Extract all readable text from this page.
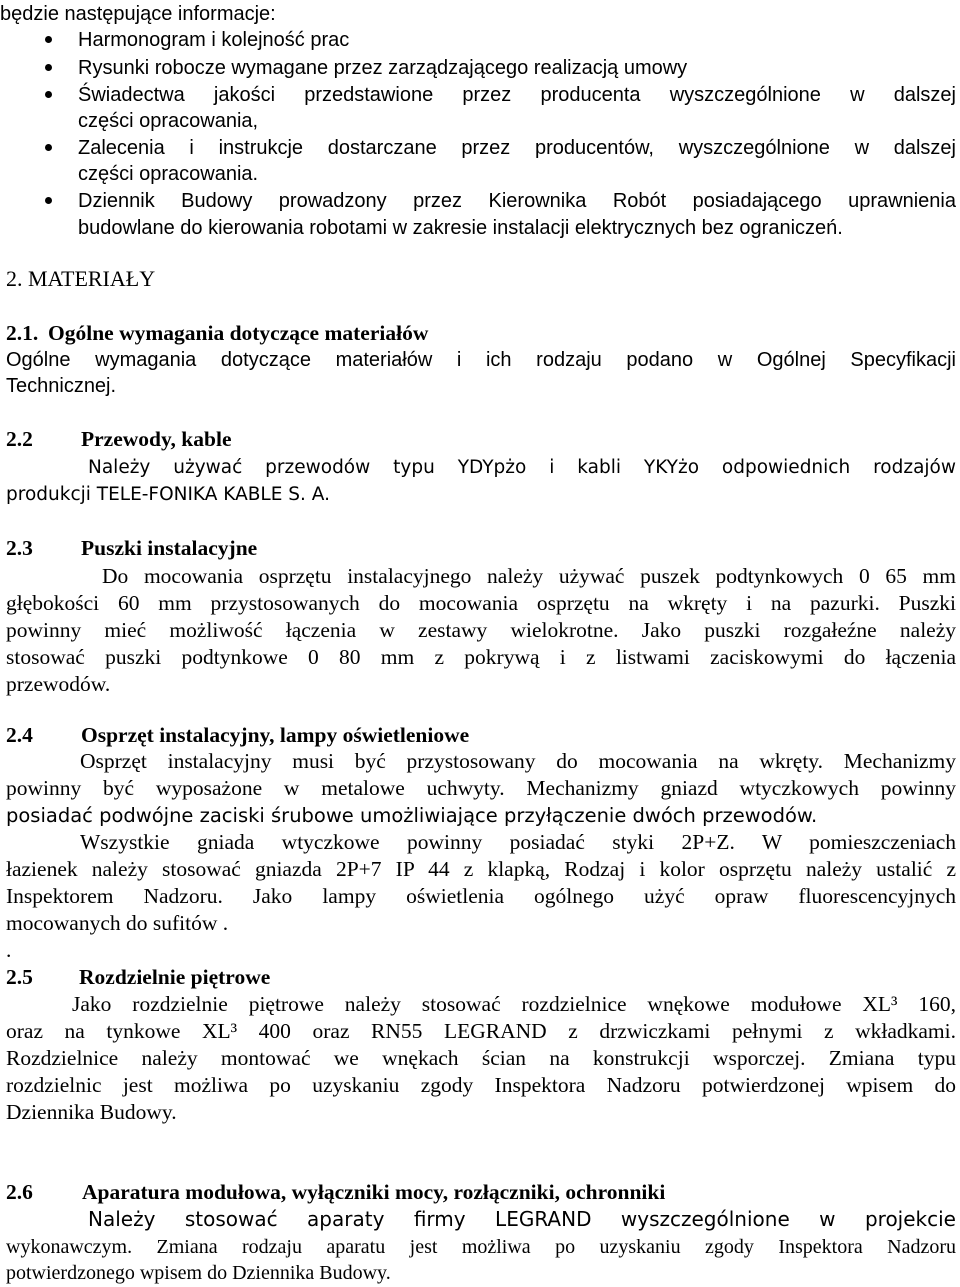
będzie następujące informacje:
Harmonogram i kolejność prac
Rysunki robocze wymagane przez zarządzającego realizacją umowy
Świadectwa jakości przedstawione przez producenta wyszczególnione w dalszej
części opracowania,
Zalecenia i instrukcje dostarczane przez producentów, wyszczególnione w dalszej
części opracowania.
Dziennik Budowy prowadzony przez Kierownika Robót posiadającego uprawnienia
budowlane do kierowania robotami w zakresie instalacji elektrycznych bez ograniczeń.
2. MATERIAŁY
2.1. Ogólne wymagania dotyczące materiałów
Ogólne wymagania dotyczące materiałów i ich rodzaju podano w Ogólnej Specyfikacji
Technicznej.
2.2 Przewody, kable
Należy używać przewodów typu YDYpżo i kabli YKYżo odpowiednich rodzajów
produkcji TELE-FONIKA KABLE S. A.
2.3 Puszki instalacyjne
Do mocowania osprzętu instalacyjnego należy używać puszek podtynkowych 0 65 mm
głębokości 60 mm przystosowanych do mocowania osprzętu na wkręty i na pazurki. Puszki
powinny mieć możliwość łączenia w zestawy wielokrotne. Jako puszki rozgałeźne należy
stosować puszki podtynkowe 0 80 mm z pokrywą i z listwami zaciskowymi do łączenia
przewodów.
2.4 Osprzęt instalacyjny, lampy oświetleniowe
Osprzęt instalacyjny musi być przystosowany do mocowania na wkręty. Mechanizmy
powinny być wyposażone w metalowe uchwyty. Mechanizmy gniazd wtyczkowych powinny
posiadać podwójne zaciski śrubowe umożliwiające przyłączenie dwóch przewodów.
Wszystkie gniada wtyczkowe powinny posiadać styki 2P+Z. W pomieszczeniach
łazienek należy stosować gniazda 2P+7 IP 44 z klapką, Rodzaj i kolor osprzętu należy ustalić z
Inspektorem Nadzoru. Jako lampy oświetlenia ogólnego użyć opraw fluorescencyjnych
mocowanych do sufitów .
.
2.5 Rozdzielnie piętrowe
Jako rozdzielnie piętrowe należy stosować rozdzielnice wnękowe modułowe XL³ 160,
oraz na tynkowe XL³ 400 oraz RN55 LEGRAND z drzwiczkami pełnymi z wkładkami.
Rozdzielnice należy montować we wnękach ścian na konstrukcji wsporczej. Zmiana typu
rozdzielnic jest możliwa po uzyskaniu zgody Inspektora Nadzoru potwierdzonej wpisem do
Dziennika Budowy.
2.6 Aparatura modułowa, wyłączniki mocy, rozłączniki, ochronniki
Należy stosować aparaty firmy LEGRAND wyszczególnione w projekcie
wykonawczym. Zmiana rodzaju aparatu jest możliwa po uzyskaniu zgody Inspektora Nadzoru
potwierdzonego wpisem do Dziennika Budowy.
